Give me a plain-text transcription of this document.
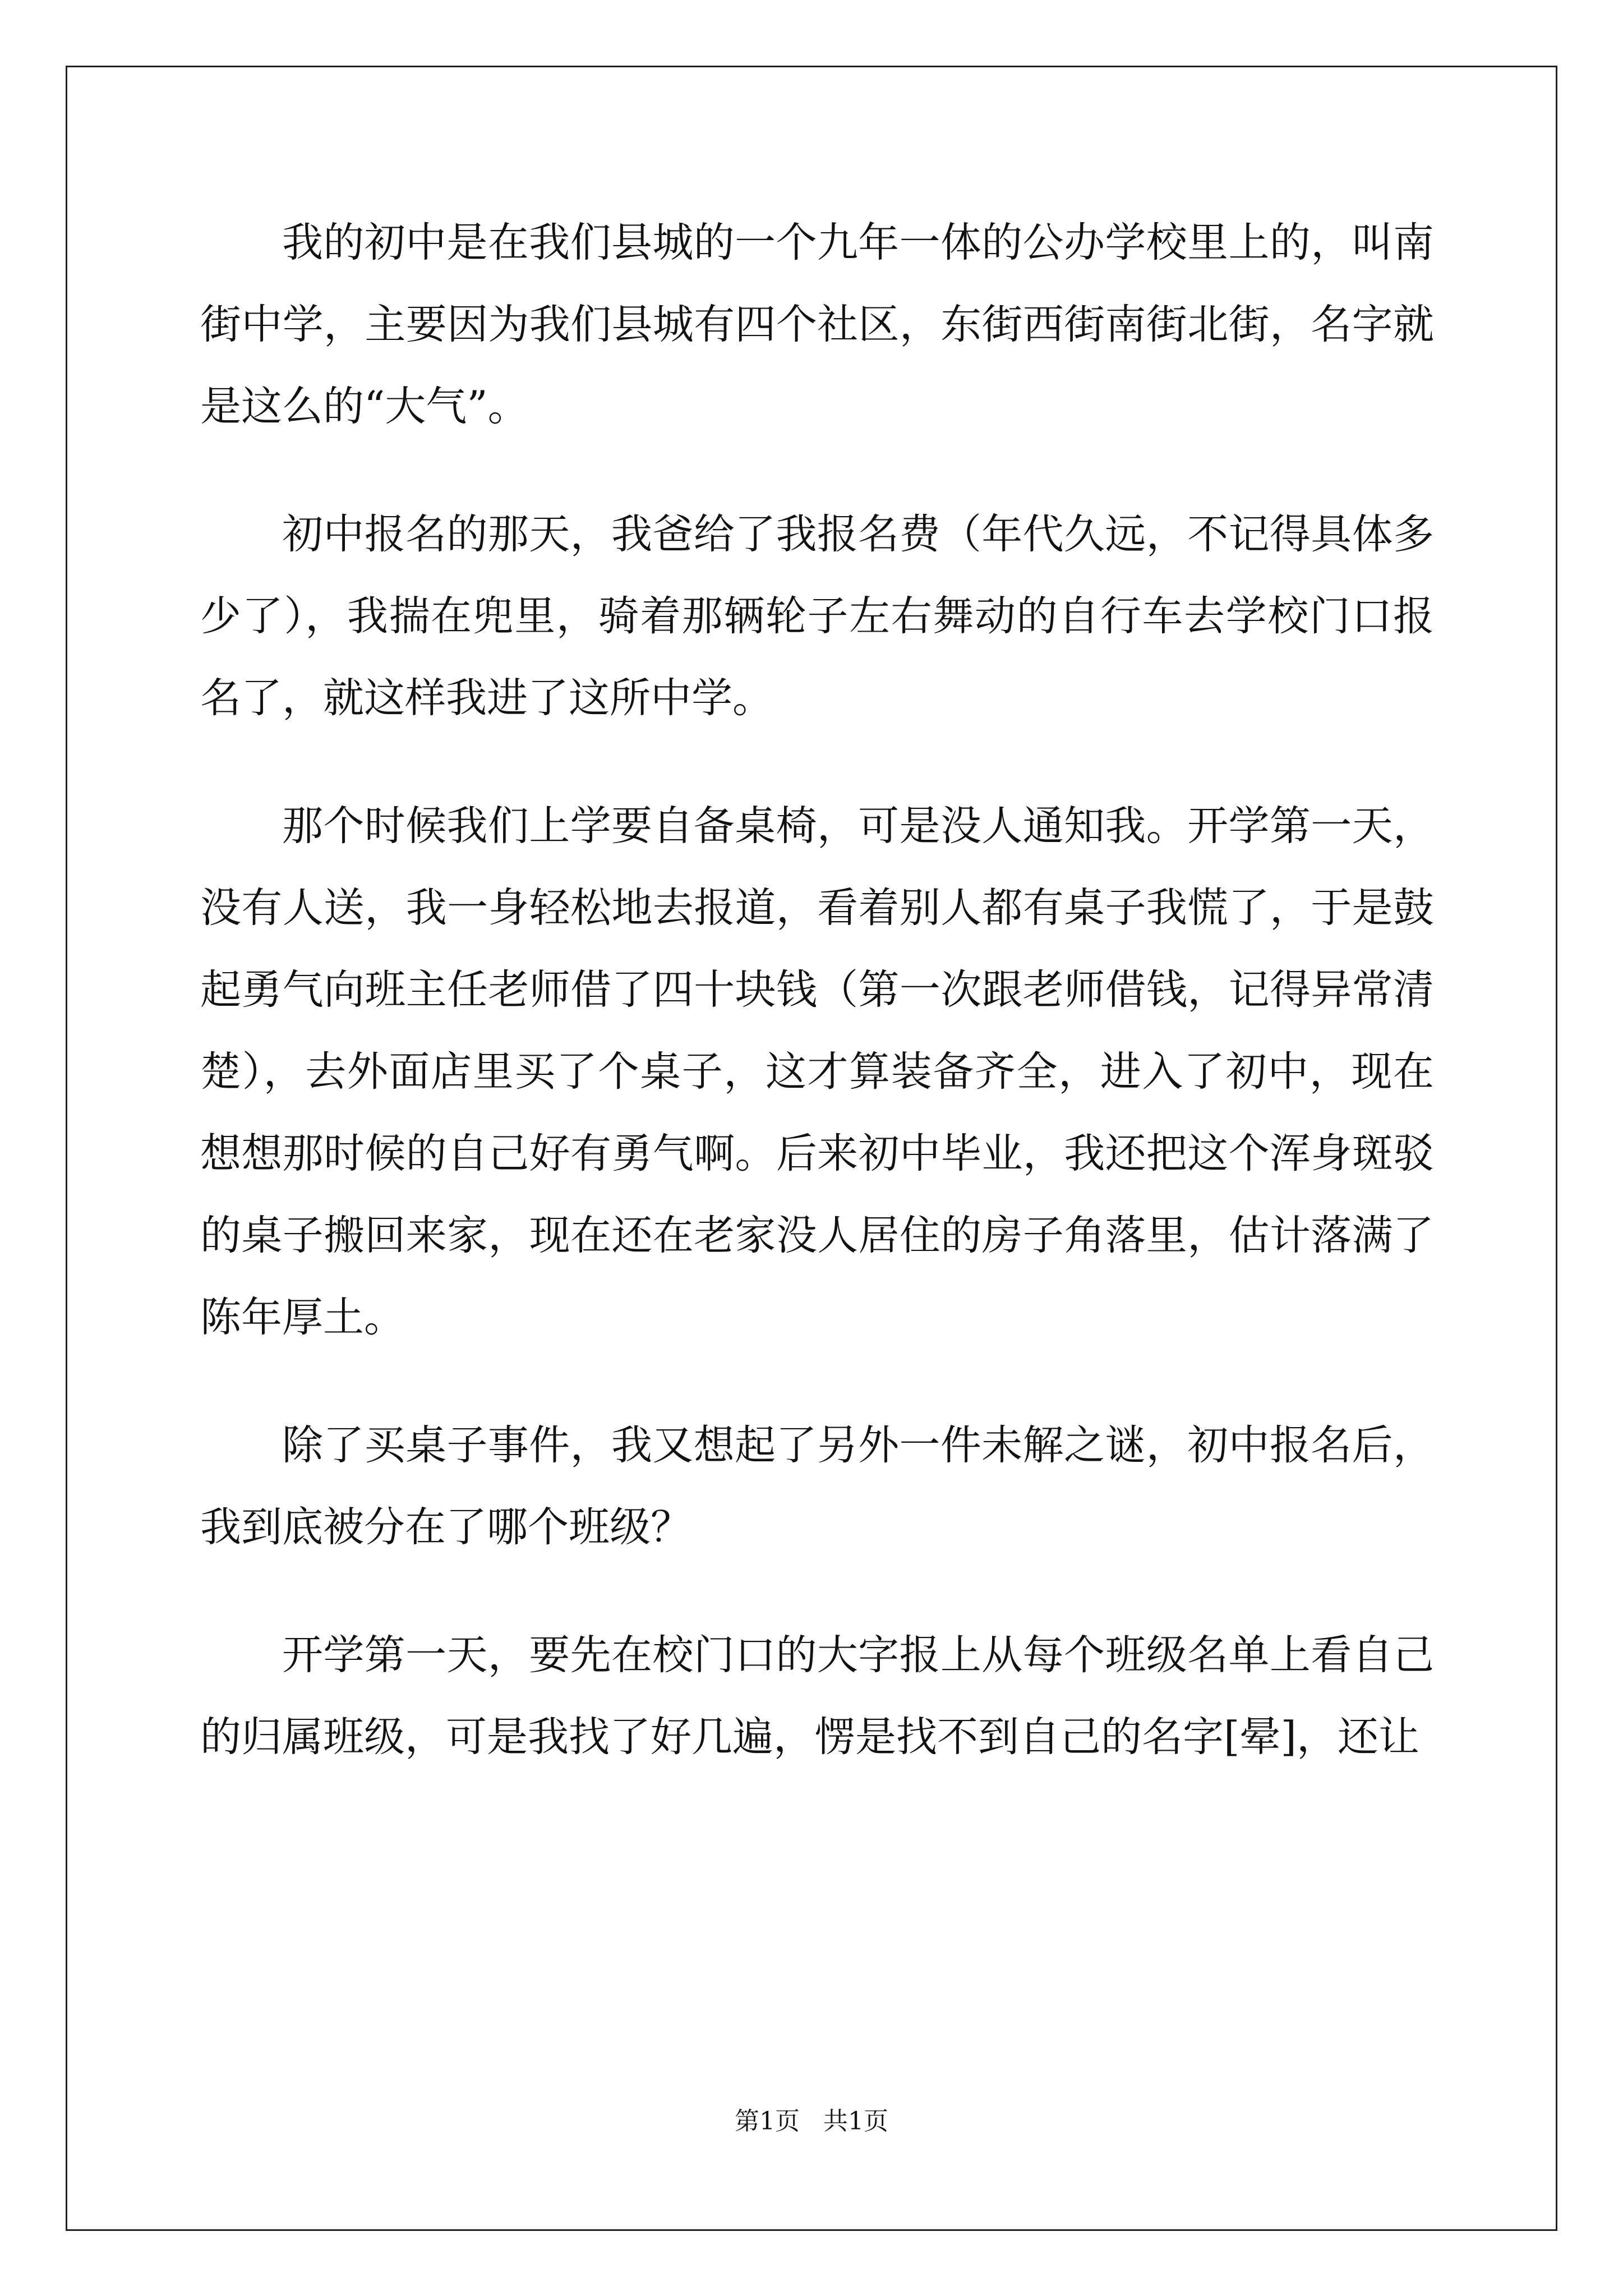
我的初中是在我们县城的一个九年一体的公办学校里上的，叫南街中学，主要因为我们县城有四个社区，东街西街南街北街，名字就是这么的“大气”。

初中报名的那天，我爸给了我报名费（年代久远，不记得具体多少了），我揣在兜里，骑着那辆轮子左右舞动的自行车去学校门口报名了，就这样我进了这所中学。

那个时候我们上学要自备桌椅，可是没人通知我。开学第一天，没有人送，我一身轻松地去报道，看着别人都有桌子我慌了，于是鼓起勇气向班主任老师借了四十块钱（第一次跟老师借钱，记得异常清楚），去外面店里买了个桌子，这才算装备齐全，进入了初中，现在想想那时候的自己好有勇气啊。后来初中毕业，我还把这个浑身斑驳的桌子搬回来家，现在还在老家没人居住的房子角落里，估计落满了陈年厚土。

除了买桌子事件，我又想起了另外一件未解之谜，初中报名后，我到底被分在了哪个班级？

开学第一天，要先在校门口的大字报上从每个班级名单上看自己的归属班级，可是我找了好几遍，愣是找不到自己的名字[晕]，还让

第1页   共1页
